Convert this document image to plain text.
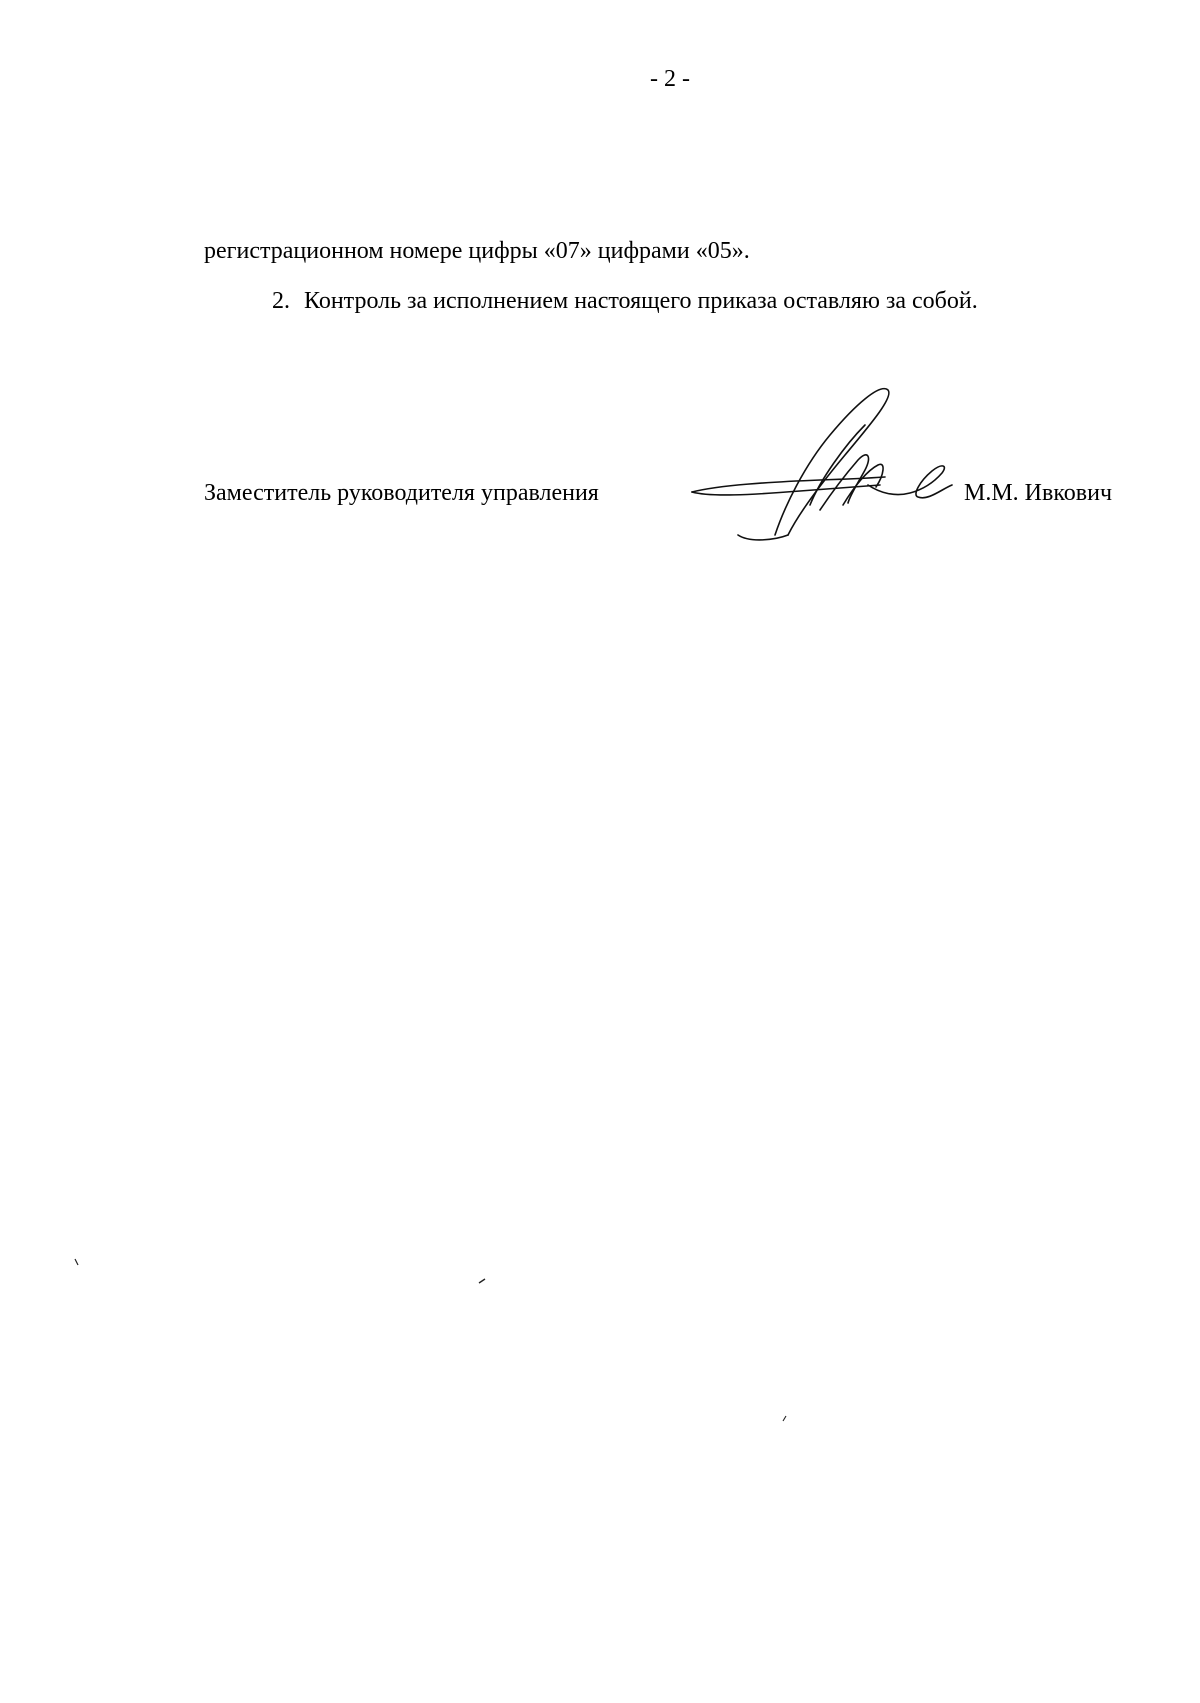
- 2 -
регистрационном номере цифры «07» цифрами «05».
2. Контроль за исполнением настоящего приказа оставляю за собой.
Заместитель руководителя управления	М.М. Ивкович
